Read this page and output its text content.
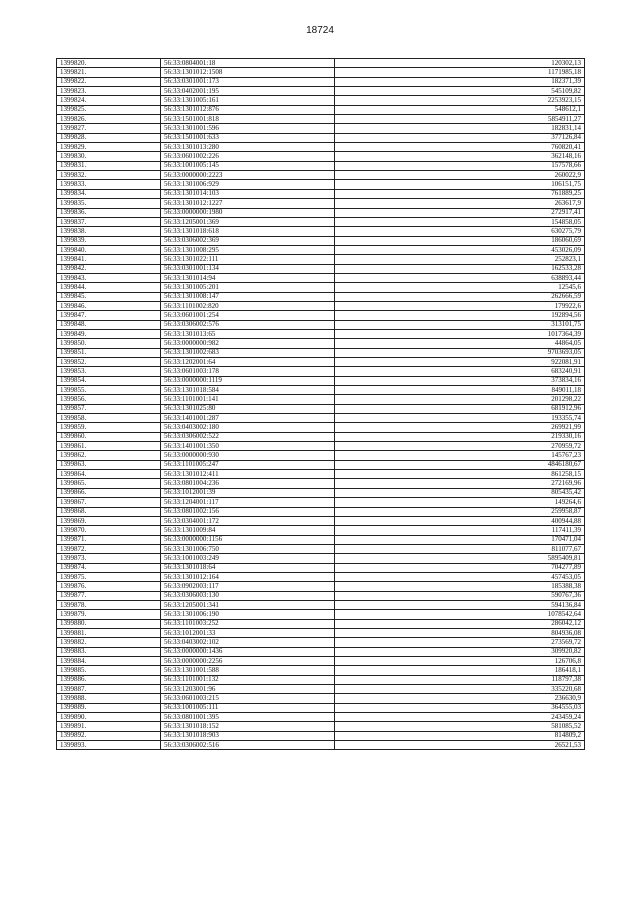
18724
1399820.	56:33:0804001:18	120302,13
1399821.	56:33:1301012:1508	1171985,18
1399822.	56:33:0301001:173	182371,39
1399823.	56:33:0402001:195	545109,82
1399824.	56:33:1301005:161	2253923,15
1399825.	56:33:1301012:876	548612,1
1399826.	56:33:1501001:818	5854911,27
1399827.	56:33:1301001:596	182831,14
1399828.	56:33:1501001:633	377126,84
1399829.	56:33:1301013:280	760820,41
1399830.	56:33:0601002:226	362148,16
1399831.	56:33:1001005:145	157578,66
1399832.	56:33:0000000:2223	260022,9
1399833.	56:33:1301006:929	106151,75
1399834.	56:33:1301014:103	761889,25
1399835.	56:33:1301012:1227	263617,9
1399836.	56:33:0000000:1980	272917,41
1399837.	56:33:1205001:369	154858,05
1399838.	56:33:1301018:618	630275,79
1399839.	56:33:0306002:369	186060,69
1399840.	56:33:1301008:295	453026,09
1399841.	56:33:1301022:111	252823,1
1399842.	56:33:0301001:134	162533,28
1399843.	56:33:1301014:94	638893,44
1399844.	56:33:1301005:201	12545,6
1399845.	56:33:1301008:147	262666,59
1399846.	56:33:1101002:820	179922,6
1399847.	56:33:0601001:254	192894,56
1399848.	56:33:0306002:576	313101,75
1399849.	56:33:1301013:65	1017364,39
1399850.	56:33:0000000:982	44864,05
1399851.	56:33:1301002:683	9703693,05
1399852.	56:33:1202001:64	922081,91
1399853.	56:33:0601003:178	683240,91
1399854.	56:33:0000000:1119	373834,16
1399855.	56:33:1301018:584	849011,18
1399856.	56:33:1101001:141	201298,22
1399857.	56:33:1301025:80	681912,96
1399858.	56:33:1401001:287	193355,74
1399859.	56:33:0403002:180	269921,99
1399860.	56:33:0306002:522	219330,16
1399861.	56:33:1401001:350	270959,72
1399862.	56:33:0000000:930	145767,23
1399863.	56:33:1101005:247	4846180,67
1399864.	56:33:1301012:411	861258,15
1399865.	56:33:0801004:236	272169,96
1399866.	56:33:1012001:39	805435,42
1399867.	56:33:1204001:117	149264,6
1399868.	56:33:0801002:156	259958,87
1399869.	56:33:0304001:172	400944,88
1399870.	56:33:1301009:84	117411,39
1399871.	56:33:0000000:1156	170471,04
1399872.	56:33:1301006:750	811077,67
1399873.	56:33:1001003:249	5895409,81
1399874.	56:33:1301018:64	704277,89
1399875.	56:33:1301012:164	457453,05
1399876.	56:33:0902003:117	185388,38
1399877.	56:33:0306003:130	590767,36
1399878.	56:33:1205001:341	594136,84
1399879.	56:33:1301006:190	1078542,64
1399880.	56:33:1101003:252	286042,12
1399881.	56:33:1012001:33	804936,08
1399882.	56:33:0403002:102	273569,72
1399883.	56:33:0000000:1436	309920,82
1399884.	56:33:0000000:2256	126706,8
1399885.	56:33:1301001:588	186418,1
1399886.	56:33:1101001:132	118797,38
1399887.	56:33:1203001:96	335220,68
1399888.	56:33:0601003:215	236630,9
1399889.	56:33:1001005:111	364555,03
1399890.	56:33:0801001:395	243459,24
1399891.	56:33:1301018:152	581085,52
1399892.	56:33:1301018:903	814809,2
1399893.	56:33:0306002:516	26521,53
